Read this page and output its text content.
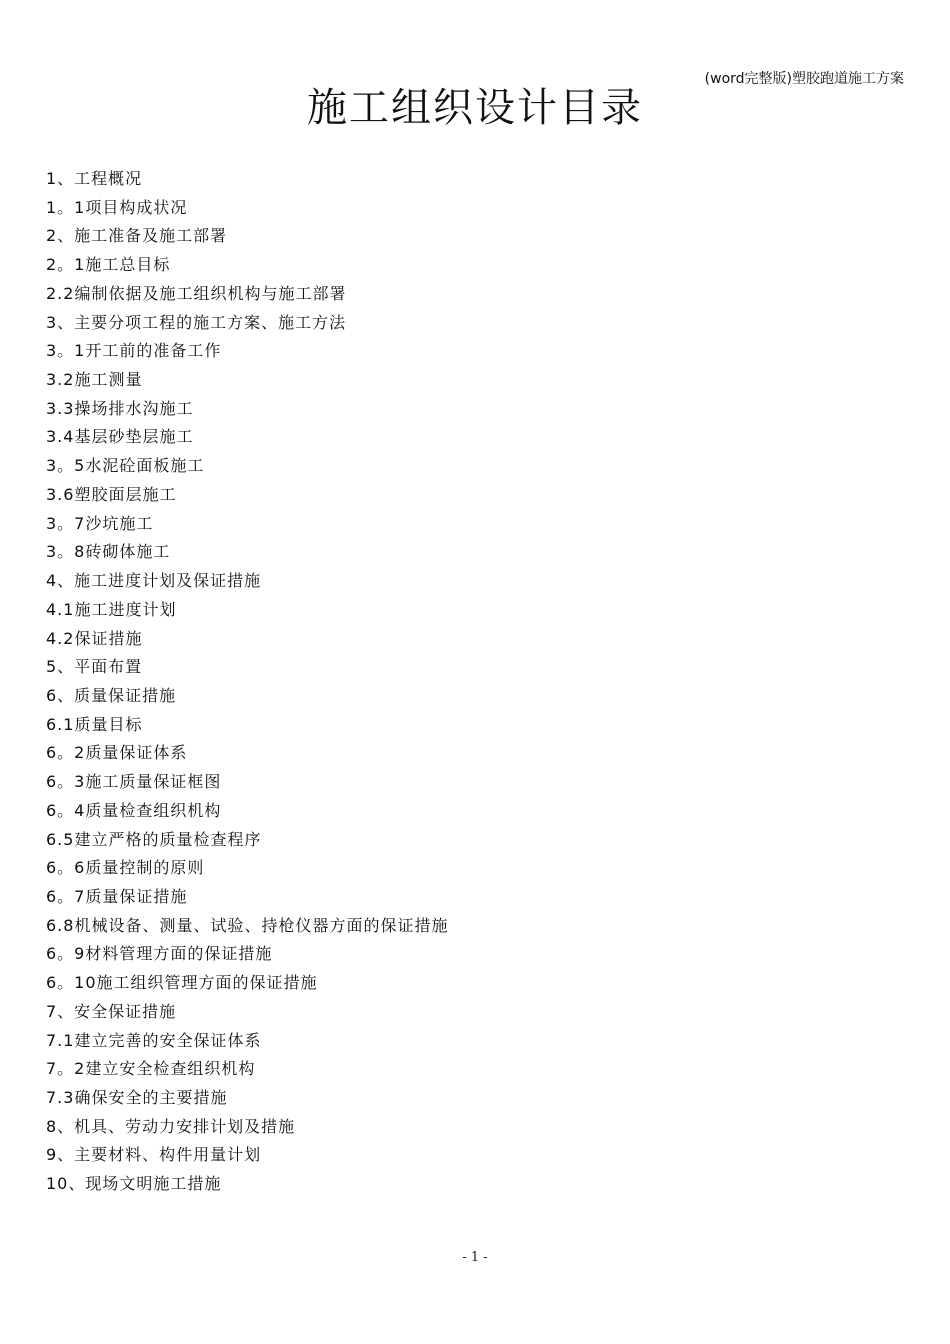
(word完整版)塑胶跑道施工方案
施工组织设计目录
1、工程概况
1。1项目构成状况
2、施工准备及施工部署
2。1施工总目标
2.2编制依据及施工组织机构与施工部署
3、主要分项工程的施工方案、施工方法
3。1开工前的准备工作
3.2施工测量
3.3操场排水沟施工
3.4基层砂垫层施工
3。5水泥砼面板施工
3.6塑胶面层施工
3。7沙坑施工
3。8砖砌体施工
4、施工进度计划及保证措施
4.1施工进度计划
4.2保证措施
5、平面布置
6、质量保证措施
6.1质量目标
6。2质量保证体系
6。3施工质量保证框图
6。4质量检查组织机构
6.5建立严格的质量检查程序
6。6质量控制的原则
6。7质量保证措施
6.8机械设备、测量、试验、持枪仪器方面的保证措施
6。9材料管理方面的保证措施
6。10施工组织管理方面的保证措施
7、安全保证措施
7.1建立完善的安全保证体系
7。2建立安全检查组织机构
7.3确保安全的主要措施
8、机具、劳动力安排计划及措施
9、主要材料、构件用量计划
10、现场文明施工措施
- 1 -
